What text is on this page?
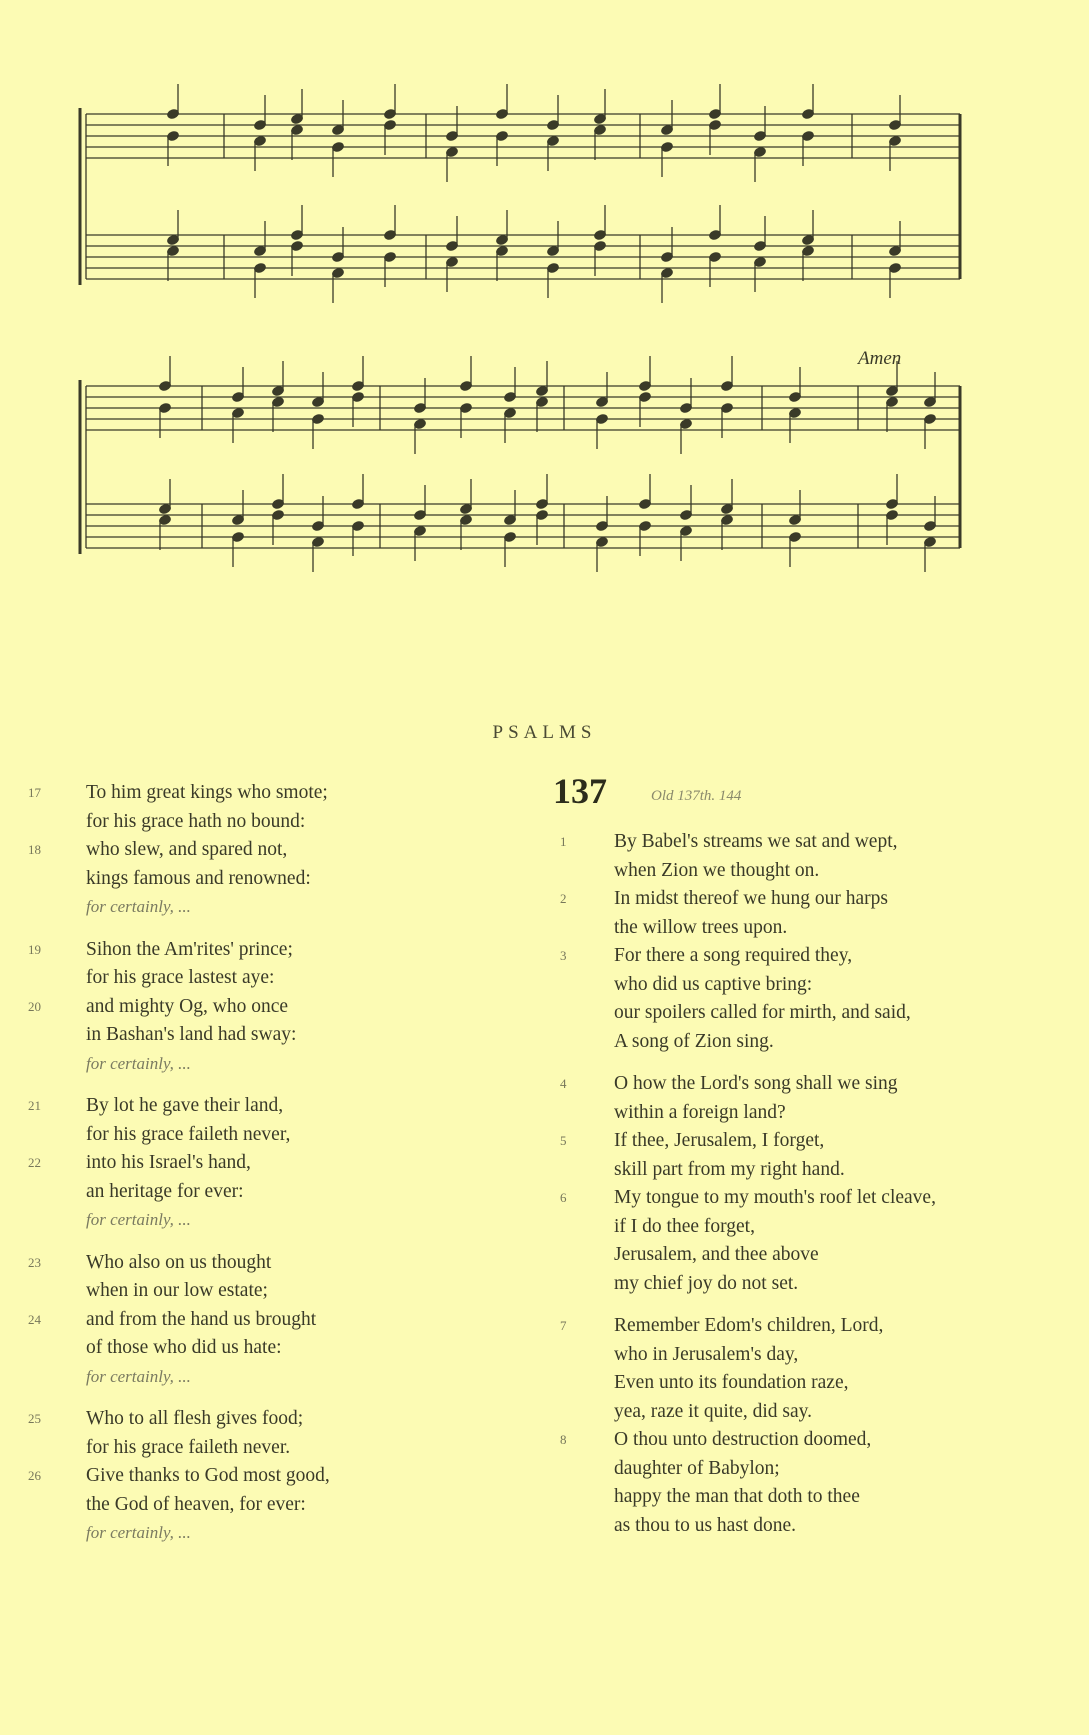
Amen
PSALMS
17	To him great kings who smote;
for his grace hath no bound:
18	who slew, and spared not,
kings famous and renowned:
for certainly, ...
19	Sihon the Am'rites' prince;
for his grace lastest aye:
20	and mighty Og, who once
in Bashan's land had sway:
for certainly, ...
21	By lot he gave their land,
for his grace faileth never,
22	into his Israel's hand,
an heritage for ever:
for certainly, ...
23	Who also on us thought
when in our low estate;
24	and from the hand us brought
of those who did us hate:
for certainly, ...
25	Who to all flesh gives food;
for his grace faileth never.
26	Give thanks to God most good,
the God of heaven, for ever:
for certainly, ...
137	Old 137th. 144
1	By Babel's streams we sat and wept,
when Zion we thought on.
2	In midst thereof we hung our harps
the willow trees upon.
3	For there a song required they,
who did us captive bring:
our spoilers called for mirth, and said,
A song of Zion sing.
4	O how the Lord's song shall we sing
within a foreign land?
5	If thee, Jerusalem, I forget,
skill part from my right hand.
6	My tongue to my mouth's roof let cleave,
if I do thee forget,
Jerusalem, and thee above
my chief joy do not set.
7	Remember Edom's children, Lord,
who in Jerusalem's day,
Even unto its foundation raze,
yea, raze it quite, did say.
8	O thou unto destruction doomed,
daughter of Babylon;
happy the man that doth to thee
as thou to us hast done.
